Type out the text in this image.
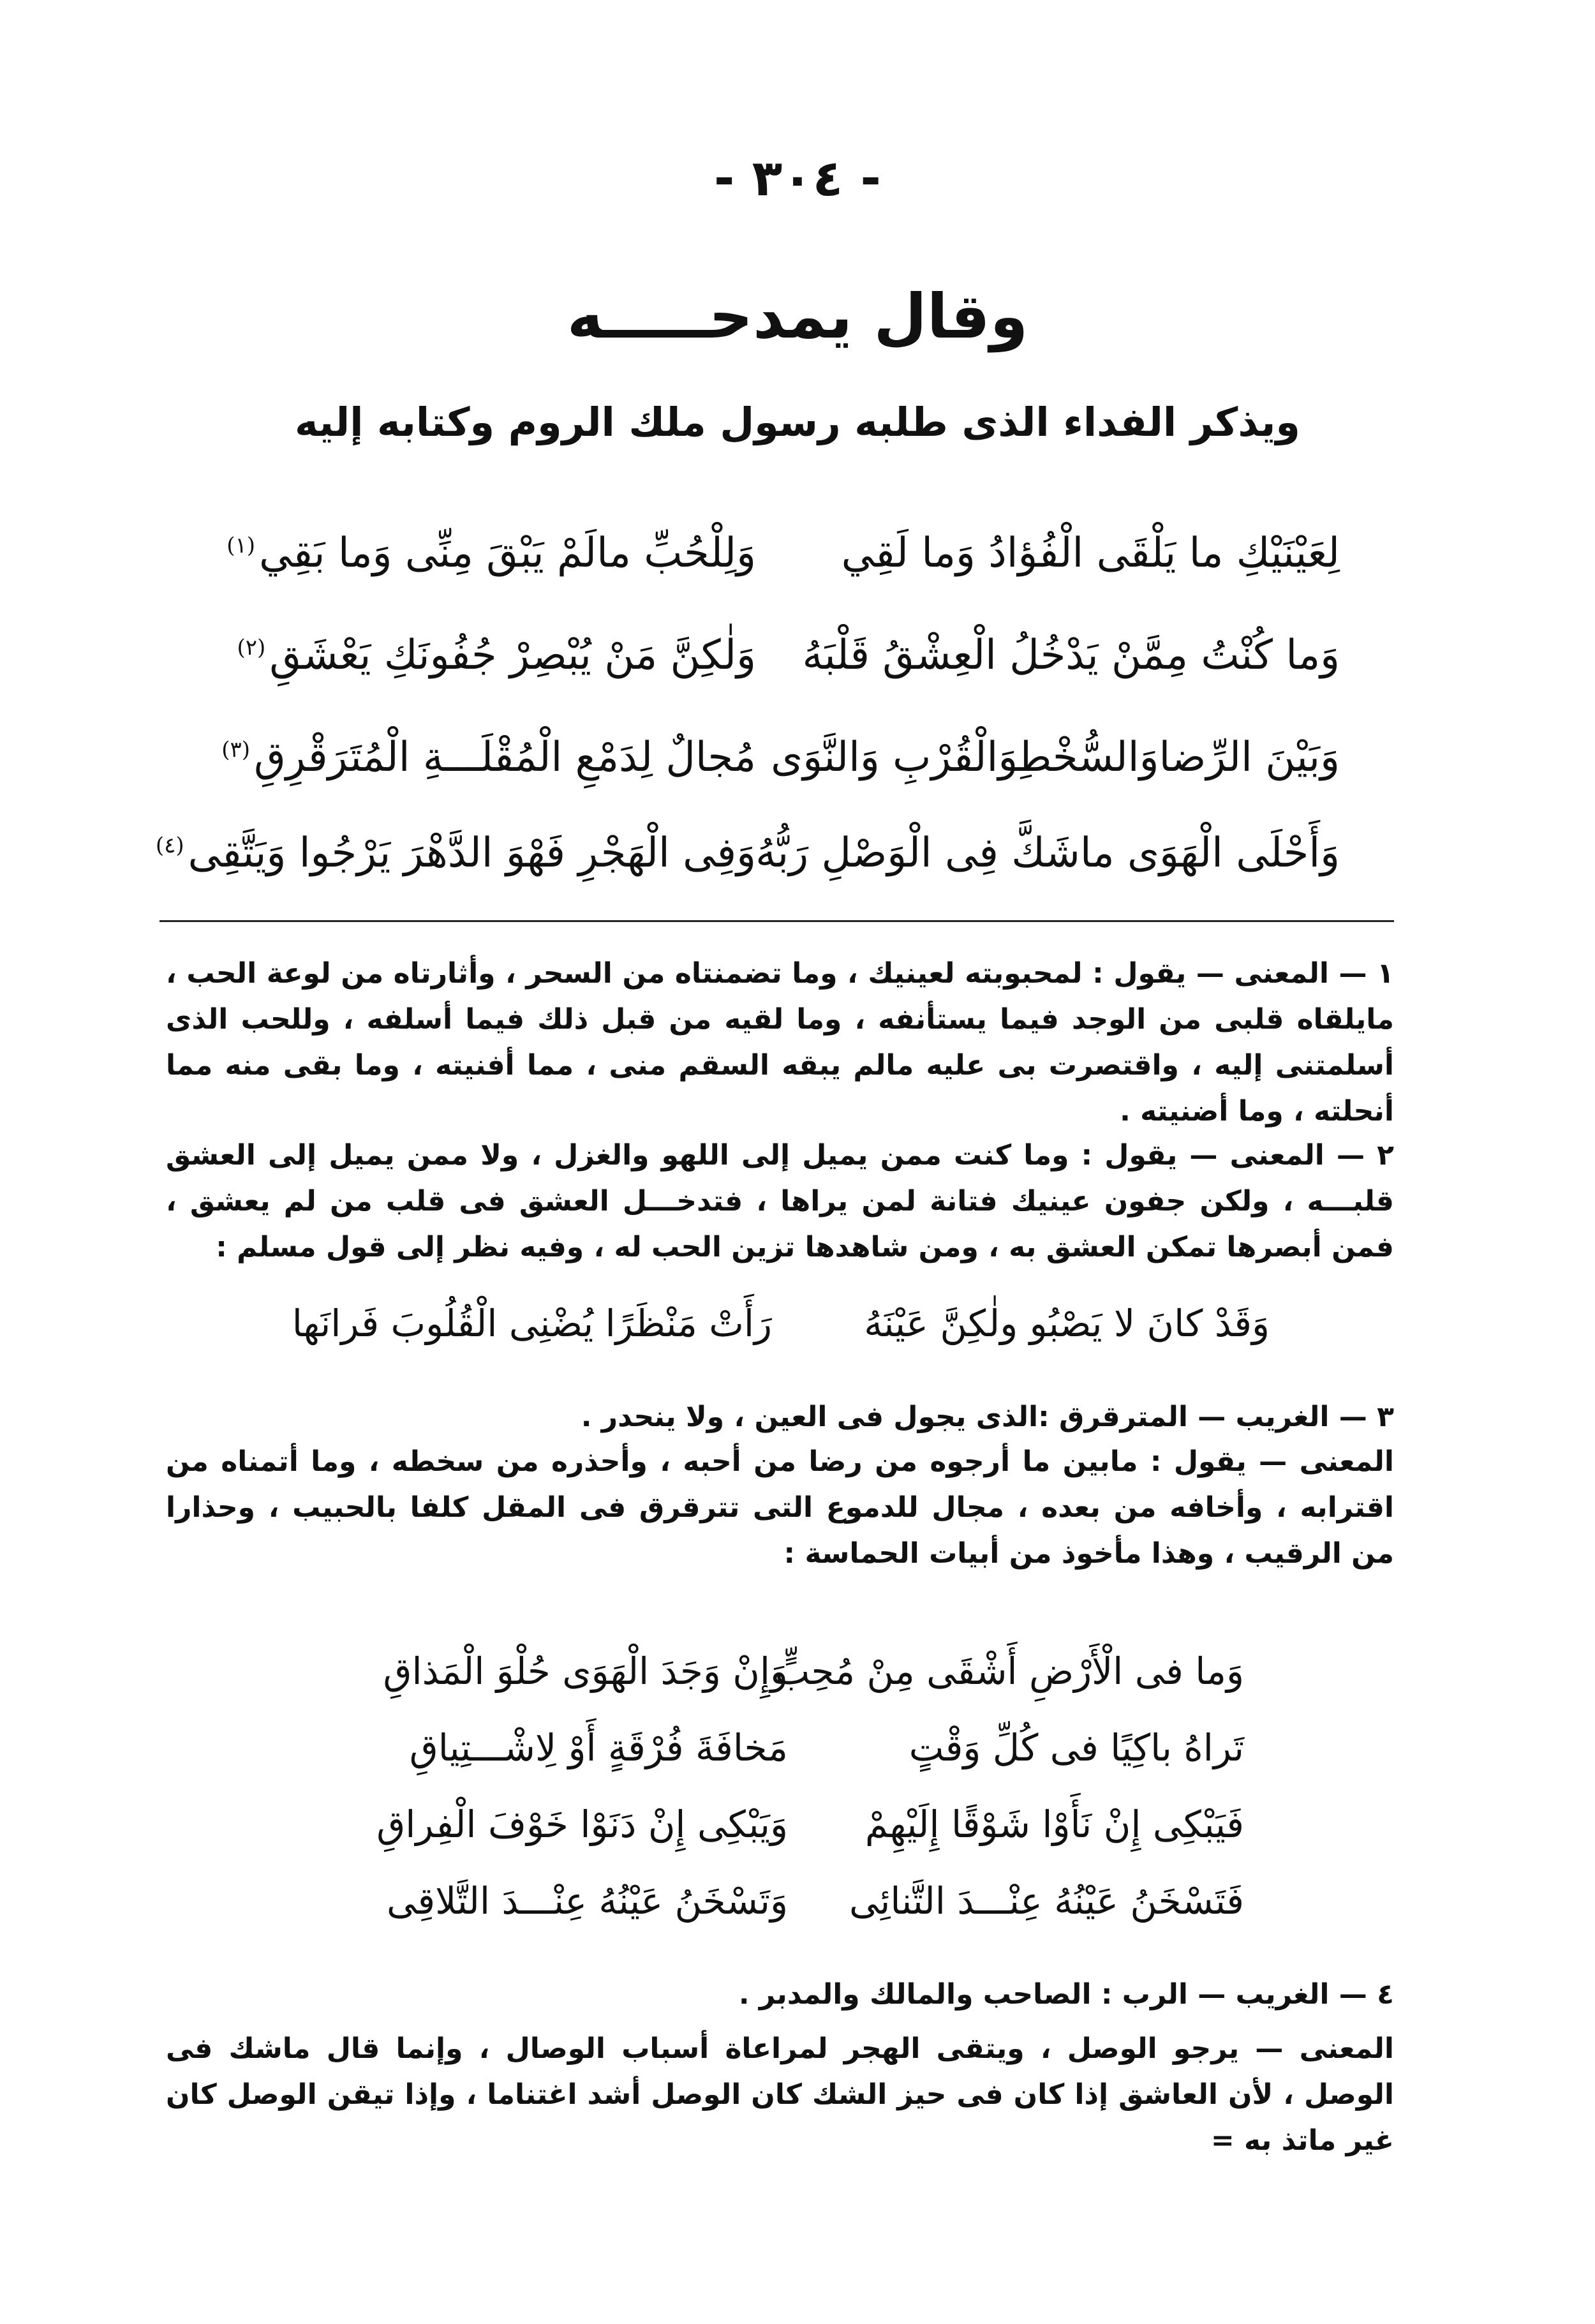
- ٣٠٤ -
وقال يمدحـــــه
ويذكر الفداء الذى طلبه رسول ملك الروم وكتابه إليه
لِعَيْنَيْكِ ما يَلْقَى الْفُؤادُ وَما لَقِي
وَلِلْحُبِّ مالَمْ يَبْقَ مِنِّى وَما بَقِي$^{(١)}$
وَما كُنْتُ مِمَّنْ يَدْخُلُ الْعِشْقُ قَلْبَهُ
وَلٰكِنَّ مَنْ يُبْصِرْ جُفُونَكِ يَعْشَقِ$^{(٢)}$
وَبَيْنَ الرِّضاوَالسُّخْطِوَالْقُرْبِ وَالنَّوَى
مُجالٌ لِدَمْعِ الْمُقْلَـــةِ الْمُتَرَقْرِقِ$^{(٣)}$
وَأَحْلَى الْهَوَى ماشَكَّ فِى الْوَصْلِ رَبُّهُ
وَفِى الْهَجْرِ فَهْوَ الدَّهْرَ يَرْجُوا وَيَتَّقِى$^{(٤)}$
١ — المعنى — يقول : لمحبوبته لعينيك ، وما تضمنتاه من السحر ، وأثارتاه من لوعة الحب ، مايلقاه قلبى من الوجد فيما يستأنفه ، وما لقيه من قبل ذلك فيما أسلفه ، وللحب الذى أسلمتنى إليه ، واقتصرت بى عليه مالم يبقه السقم منى ، مما أفنيته ، وما بقى منه مما أنحلته ، وما أضنيته .
٢ — المعنى — يقول : وما كنت ممن يميل إلى اللهو والغزل ، ولا ممن يميل إلى العشق قلبـــه ، ولكن جفون عينيك فتانة لمن يراها ، فتدخـــل العشق فى قلب من لم يعشق ، فمن أبصرها تمكن العشق به ، ومن شاهدها تزين الحب له ، وفيه نظر إلى قول مسلم :
وَقَدْ كانَ لا يَصْبُو ولٰكِنَّ عَيْنَهُ
رَأَتْ مَنْظَرًا يُضْنِى الْقُلُوبَ فَرانَها
٣ — الغريب — المترقرق :الذى يجول فى العين ، ولا ينحدر .
المعنى — يقول : مابين ما أرجوه من رضا من أحبه ، وأحذره من سخطه ، وما أتمناه من اقترابه ، وأخافه من بعده ، مجال للدموع التى تترقرق فى المقل كلفا بالحبيب ، وحذارا من الرقيب ، وهذا مأخوذ من أبيات الحماسة :
وَما فى الْأَرْضِ أَشْقَى مِنْ مُحِبٍّ
وَإِنْ وَجَدَ الْهَوَى حُلْوَ الْمَذاقِ
تَراهُ باكِيًا فى كُلِّ وَقْتٍ
مَخافَةَ فُرْقَةٍ أَوْ لِاشْـــتِياقِ
فَيَبْكِى إِنْ نَأَوْا شَوْقًا إِلَيْهِمْ
وَيَبْكِى إِنْ دَنَوْا خَوْفَ الْفِراقِ
فَتَسْخَنُ عَيْنُهُ عِنْـــدَ التَّنائِى
وَتَسْخَنُ عَيْنُهُ عِنْـــدَ التَّلاقِى
٤ — الغريب — الرب : الصاحب والمالك والمدبر .
المعنى — يرجو الوصل ، ويتقى الهجر لمراعاة أسباب الوصال ، وإنما قال ماشك فى الوصل ، لأن العاشق إذا كان فى حيز الشك كان الوصل أشد اغتناما ، وإذا تيقن الوصل كان غير ماتذ به =
